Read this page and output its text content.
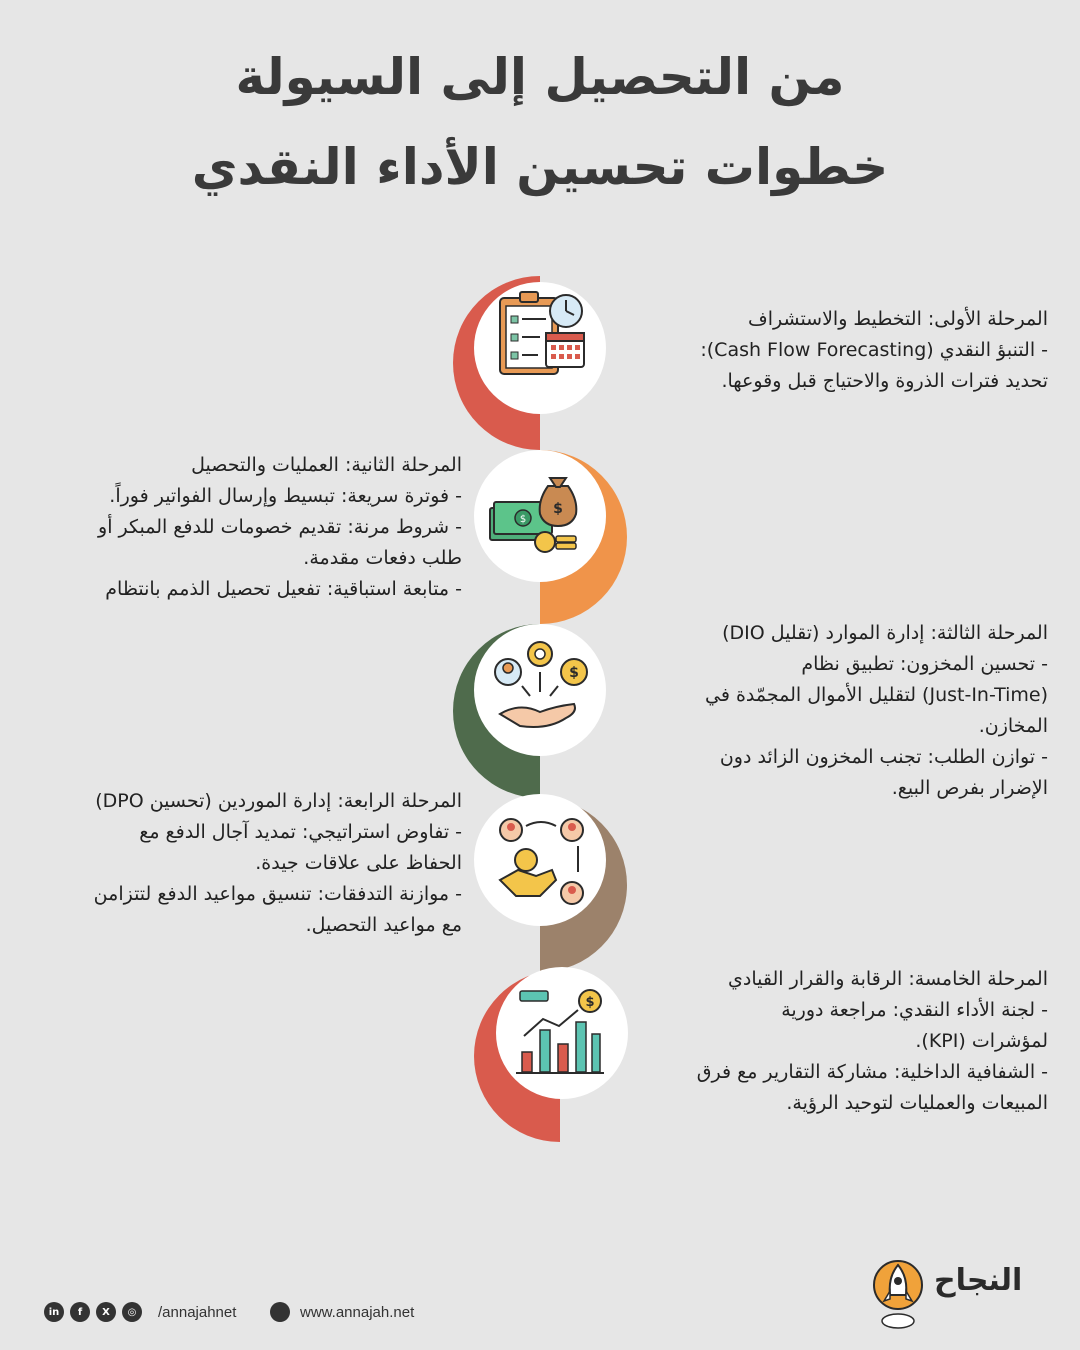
من التحصيل إلى السيولة
خطوات تحسين الأداء النقدي
$
$
$
$
المرحلة الأولى: التخطيط والاستشراف
- التنبؤ النقدي (Cash Flow Forecasting):
تحديد فترات الذروة والاحتياج قبل وقوعها.
المرحلة الثانية: العمليات والتحصيل
- فوترة سريعة: تبسيط وإرسال الفواتير فوراً.
- شروط مرنة: تقديم خصومات للدفع المبكر أو
طلب دفعات مقدمة.
- متابعة استباقية: تفعيل تحصيل الذمم بانتظام
المرحلة الثالثة: إدارة الموارد (تقليل DIO)
- تحسين المخزون: تطبيق نظام
(Just-In-Time) لتقليل الأموال المجمّدة في
المخازن.
- توازن الطلب: تجنب المخزون الزائد دون
الإضرار بفرص البيع.
المرحلة الرابعة: إدارة الموردين (تحسين DPO)
- تفاوض استراتيجي: تمديد آجال الدفع مع
الحفاظ على علاقات جيدة.
- موازنة التدفقات: تنسيق مواعيد الدفع لتتزامن
مع مواعيد التحصيل.
المرحلة الخامسة: الرقابة والقرار القيادي
- لجنة الأداء النقدي: مراجعة دورية
لمؤشرات (KPI).
- الشفافية الداخلية: مشاركة التقارير مع فرق
المبيعات والعمليات لتوحيد الرؤية.
in	f	X	◎	/annajahnet	www.annajah.net
النجاح
